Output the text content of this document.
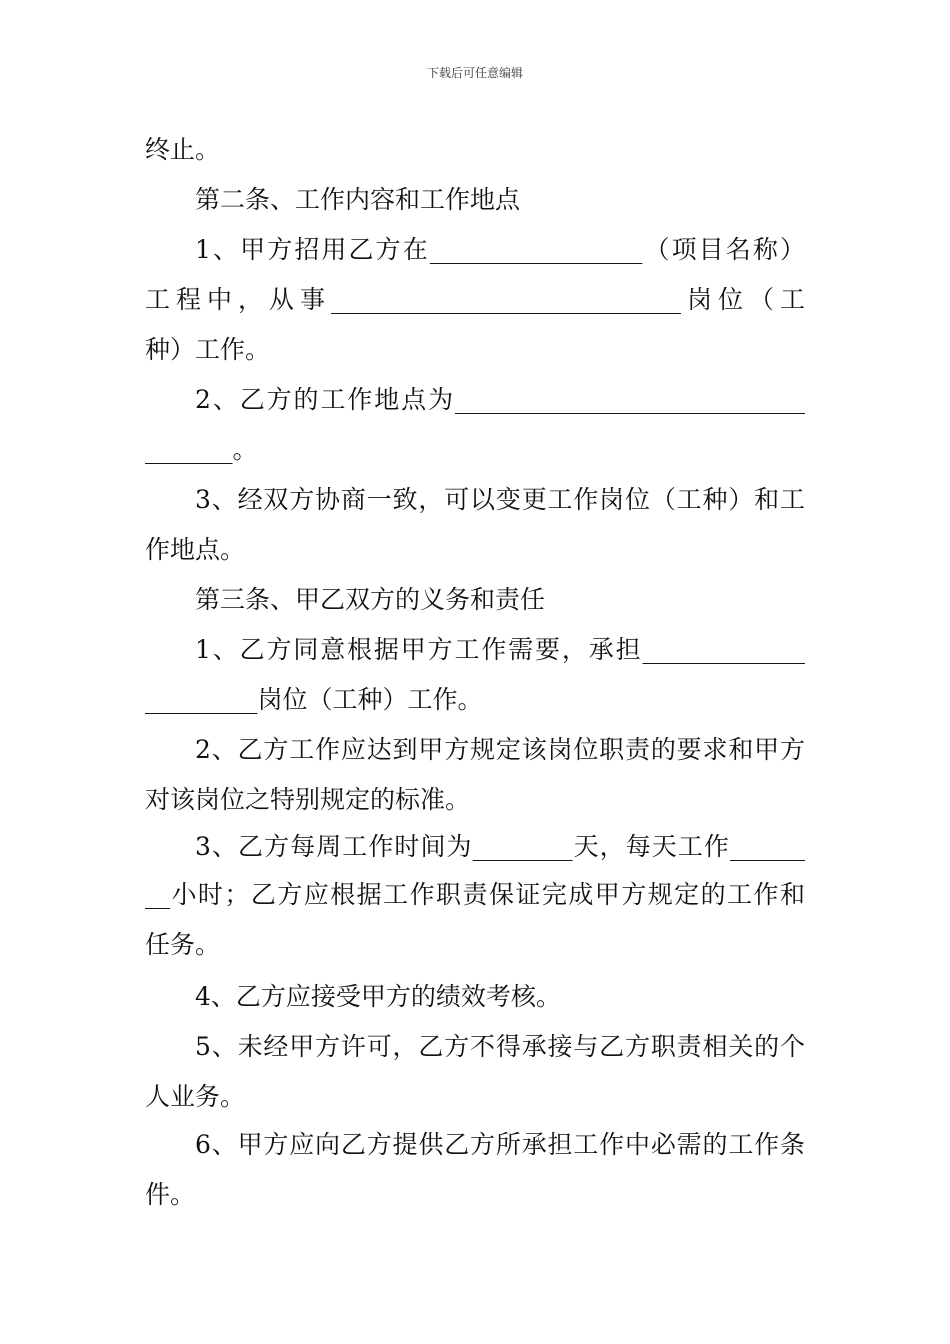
下载后可任意编辑
终止。
第二条、工作内容和工作地点
1、甲方招用乙方在_________________（项目名称）
工程中，从事____________________________岗位（工
种）工作。
2、乙方的工作地点为____________________________
_______。
3、经双方协商一致，可以变更工作岗位（工种）和工
作地点。
第三条、甲乙双方的义务和责任
1、乙方同意根据甲方工作需要，承担_____________
_________岗位（工种）工作。
2、乙方工作应达到甲方规定该岗位职责的要求和甲方
对该岗位之特别规定的标准。
3、乙方每周工作时间为________天，每天工作______
__小时；乙方应根据工作职责保证完成甲方规定的工作和
任务。
4、乙方应接受甲方的绩效考核。
5、未经甲方许可，乙方不得承接与乙方职责相关的个
人业务。
6、甲方应向乙方提供乙方所承担工作中必需的工作条
件。
